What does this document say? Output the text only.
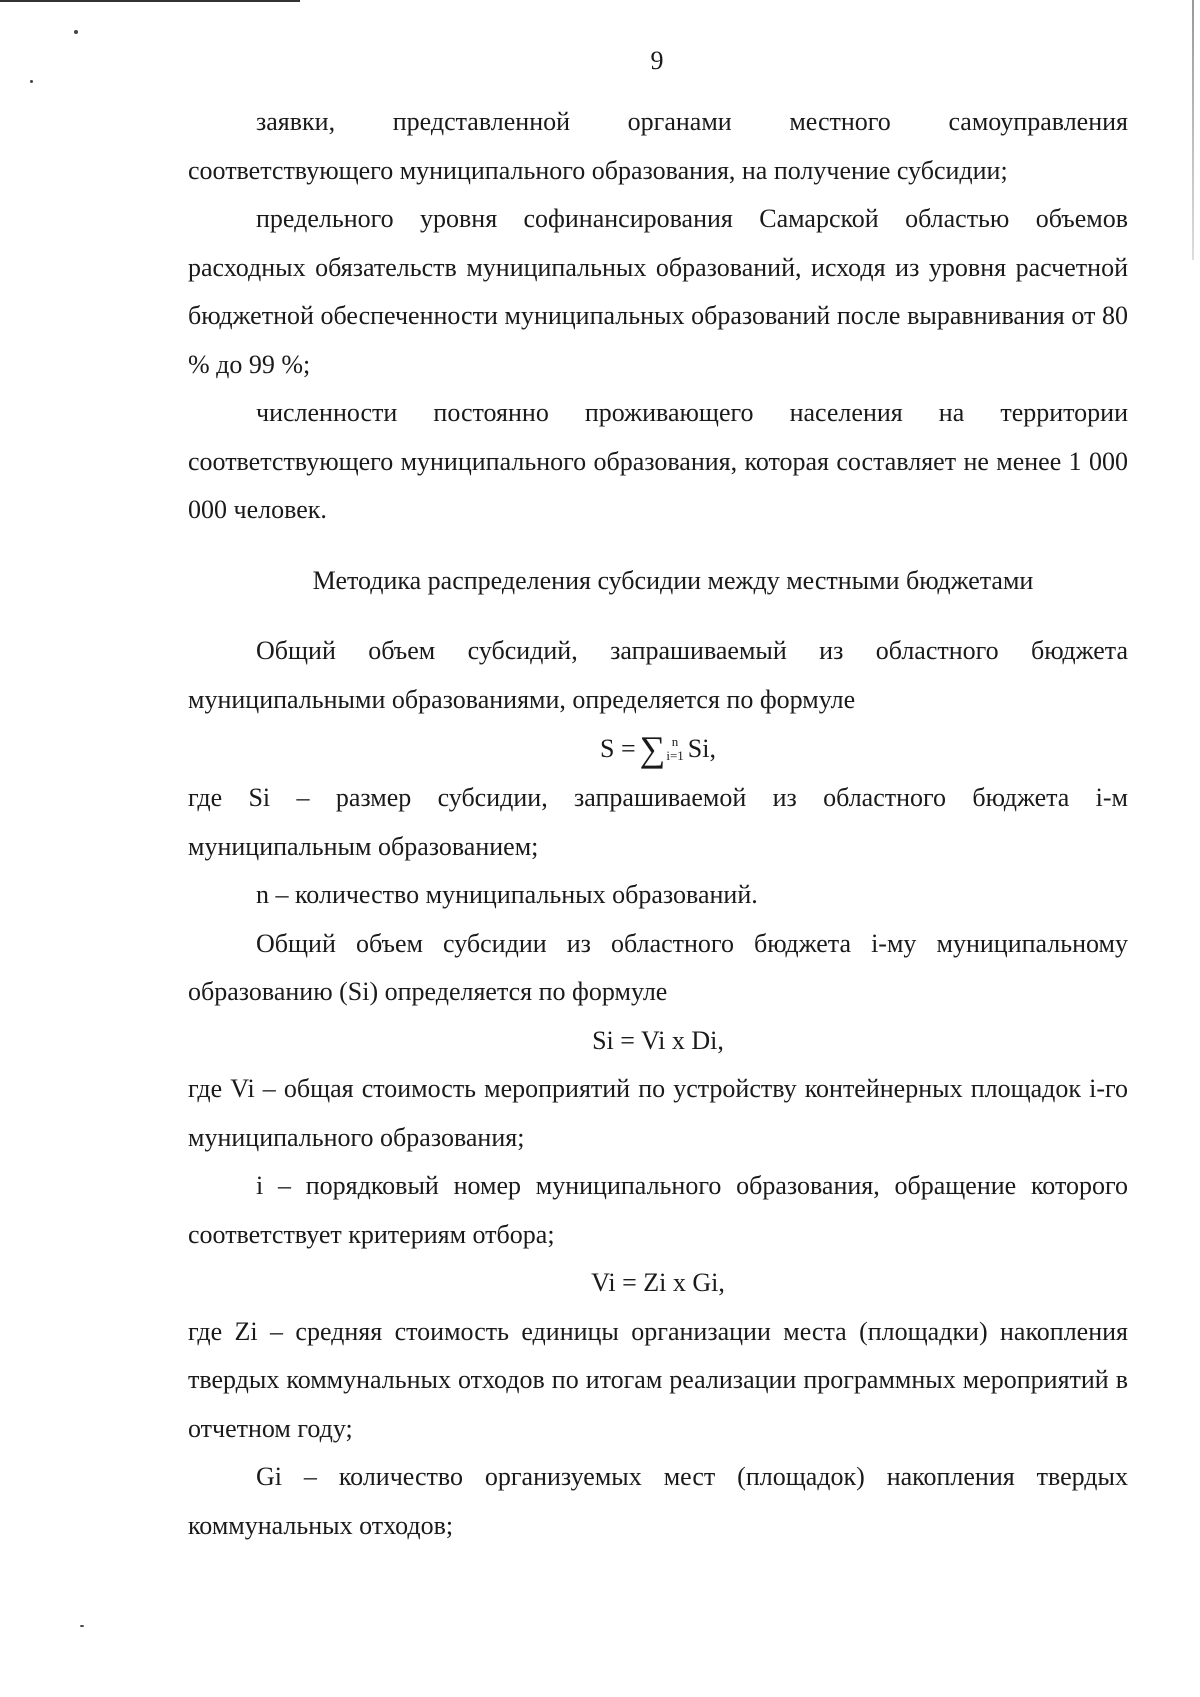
9

заявки, представленной органами местного самоуправления

соответствующего муниципального образования, на получение субсидии;

предельного уровня софинансирования Самарской областью объемов расходных обязательств муниципальных образований, исходя из уровня расчетной бюджетной обеспеченности муниципальных образований после выравнивания от 80 % до 99 %;

численности постоянно проживающего населения на территории соответствующего муниципального образования, которая составляет не менее 1 000 000 человек.

Методика распределения субсидии между местными бюджетами

Общий объем субсидий, запрашиваемый из областного бюджета муниципальными образованиями, определяется по формуле

S = ∑ n
i=1 Si,

где Si – размер субсидии, запрашиваемой из областного бюджета i-м муниципальным образованием;

n – количество муниципальных образований.

Общий объем субсидии из областного бюджета i-му муниципальному образованию (Si) определяется по формуле

Si = Vi x Di,

где Vi – общая стоимость мероприятий по устройству контейнерных площадок i-го муниципального образования;

i – порядковый номер муниципального образования, обращение которого соответствует критериям отбора;

Vi = Zi x Gi,

где Zi – средняя стоимость единицы организации места (площадки) накопления твердых коммунальных отходов по итогам реализации программных мероприятий в отчетном году;

Gi – количество организуемых мест (площадок) накопления твердых коммунальных отходов;
